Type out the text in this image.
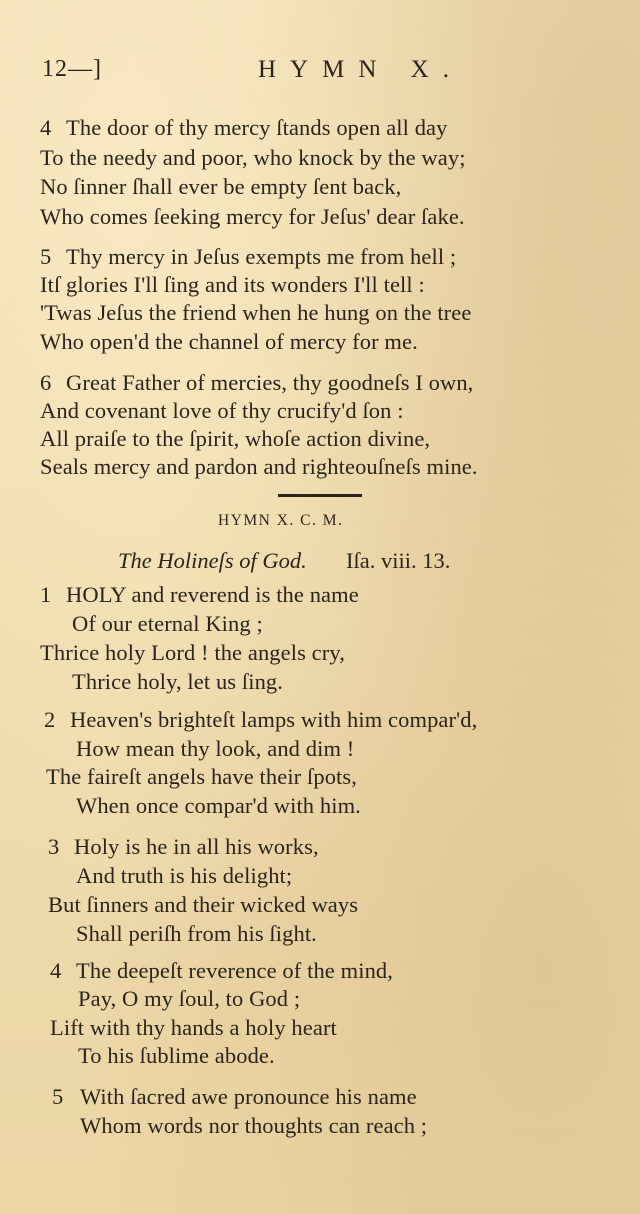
12—]	HYMN X.
4 The door of thy mercy ſtands open all day
To the needy and poor, who knock by the way;
No ſinner ſhall ever be empty ſent back,
Who comes ſeeking mercy for Jeſus' dear ſake.
5 Thy mercy in Jeſus exempts me from hell ;
Itſ glories I'll ſing and its wonders I'll tell :
'Twas Jeſus the friend when he hung on the tree
Who open'd the channel of mercy for me.
6 Great Father of mercies, thy goodneſs I own,
And covenant love of thy crucify'd ſon :
All praiſe to the ſpirit, whoſe action divine,
Seals mercy and pardon and righteouſneſs mine.
HYMN X. C. M.
The Holineſs of God. Iſa. viii. 13.
1 HOLY and reverend is the name
Of our eternal King ;
Thrice holy Lord ! the angels cry,
Thrice holy, let us ſing.
2 Heaven's brighteſt lamps with him compar'd,
How mean thy look, and dim !
The faireſt angels have their ſpots,
When once compar'd with him.
3 Holy is he in all his works,
And truth is his delight;
But ſinners and their wicked ways
Shall periſh from his ſight.
4 The deepeſt reverence of the mind,
Pay, O my ſoul, to God ;
Lift with thy hands a holy heart
To his ſublime abode.
5 With ſacred awe pronounce his name
Whom words nor thoughts can reach ;
